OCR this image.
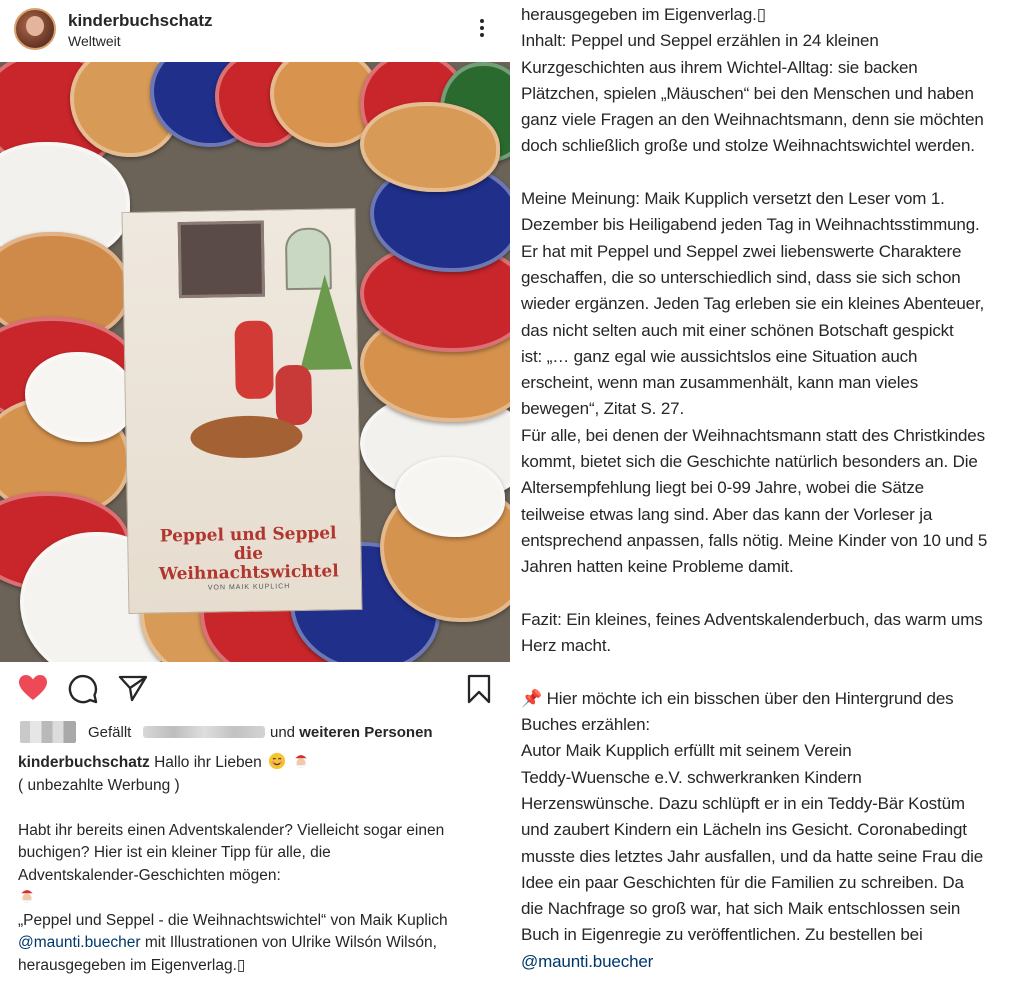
kinderbuchschatz
Weltweit
Peppel und Seppel
die Weihnachtswichtel
VON MAIK KUPLICH
Gefällt	und weiteren Personen

kinderbuchschatz Hallo ihr Lieben

( unbezahlte Werbung )

Habt ihr bereits einen Adventskalender? Vielleicht sogar einen

buchigen? Hier ist ein kleiner Tipp für alle, die

Adventskalender-Geschichten mögen:

„Peppel und Seppel - die Weihnachtswichtel“ von Maik Kuplich

@maunti.buecher mit Illustrationen von Ulrike Wilsón Wilsón,

herausgegeben im Eigenverlag.▯

herausgegeben im Eigenverlag.▯

Inhalt: Peppel und Seppel erzählen in 24 kleinen

Kurzgeschichten aus ihrem Wichtel-Alltag: sie backen

Plätzchen, spielen „Mäuschen“ bei den Menschen und haben

ganz viele Fragen an den Weihnachtsmann, denn sie möchten

doch schließlich große und stolze Weihnachtswichtel werden.

Meine Meinung: Maik Kupplich versetzt den Leser vom 1.

Dezember bis Heiligabend jeden Tag in Weihnachtsstimmung.

Er hat mit Peppel und Seppel zwei liebenswerte Charaktere

geschaffen, die so unterschiedlich sind, dass sie sich schon

wieder ergänzen. Jeden Tag erleben sie ein kleines Abenteuer,

das nicht selten auch mit einer schönen Botschaft gespickt

ist: „… ganz egal wie aussichtslos eine Situation auch

erscheint, wenn man zusammenhält, kann man vieles

bewegen“, Zitat S. 27.

Für alle, bei denen der Weihnachtsmann statt des Christkindes

kommt, bietet sich die Geschichte natürlich besonders an. Die

Altersempfehlung liegt bei 0-99 Jahre, wobei die Sätze

teilweise etwas lang sind. Aber das kann der Vorleser ja

entsprechend anpassen, falls nötig. Meine Kinder von 10 und 5

Jahren hatten keine Probleme damit.

Fazit: Ein kleines, feines Adventskalenderbuch, das warm ums

Herz macht.

📌 Hier möchte ich ein bisschen über den Hintergrund des

Buches erzählen:

Autor Maik Kupplich erfüllt mit seinem Verein

Teddy-Wuensche e.V. schwerkranken Kindern

Herzenswünsche. Dazu schlüpft er in ein Teddy-Bär Kostüm

und zaubert Kindern ein Lächeln ins Gesicht. Coronabedingt

musste dies letztes Jahr ausfallen, und da hatte seine Frau die

Idee ein paar Geschichten für die Familien zu schreiben. Da

die Nachfrage so groß war, hat sich Maik entschlossen sein

Buch in Eigenregie zu veröffentlichen. Zu bestellen bei

@maunti.buecher
